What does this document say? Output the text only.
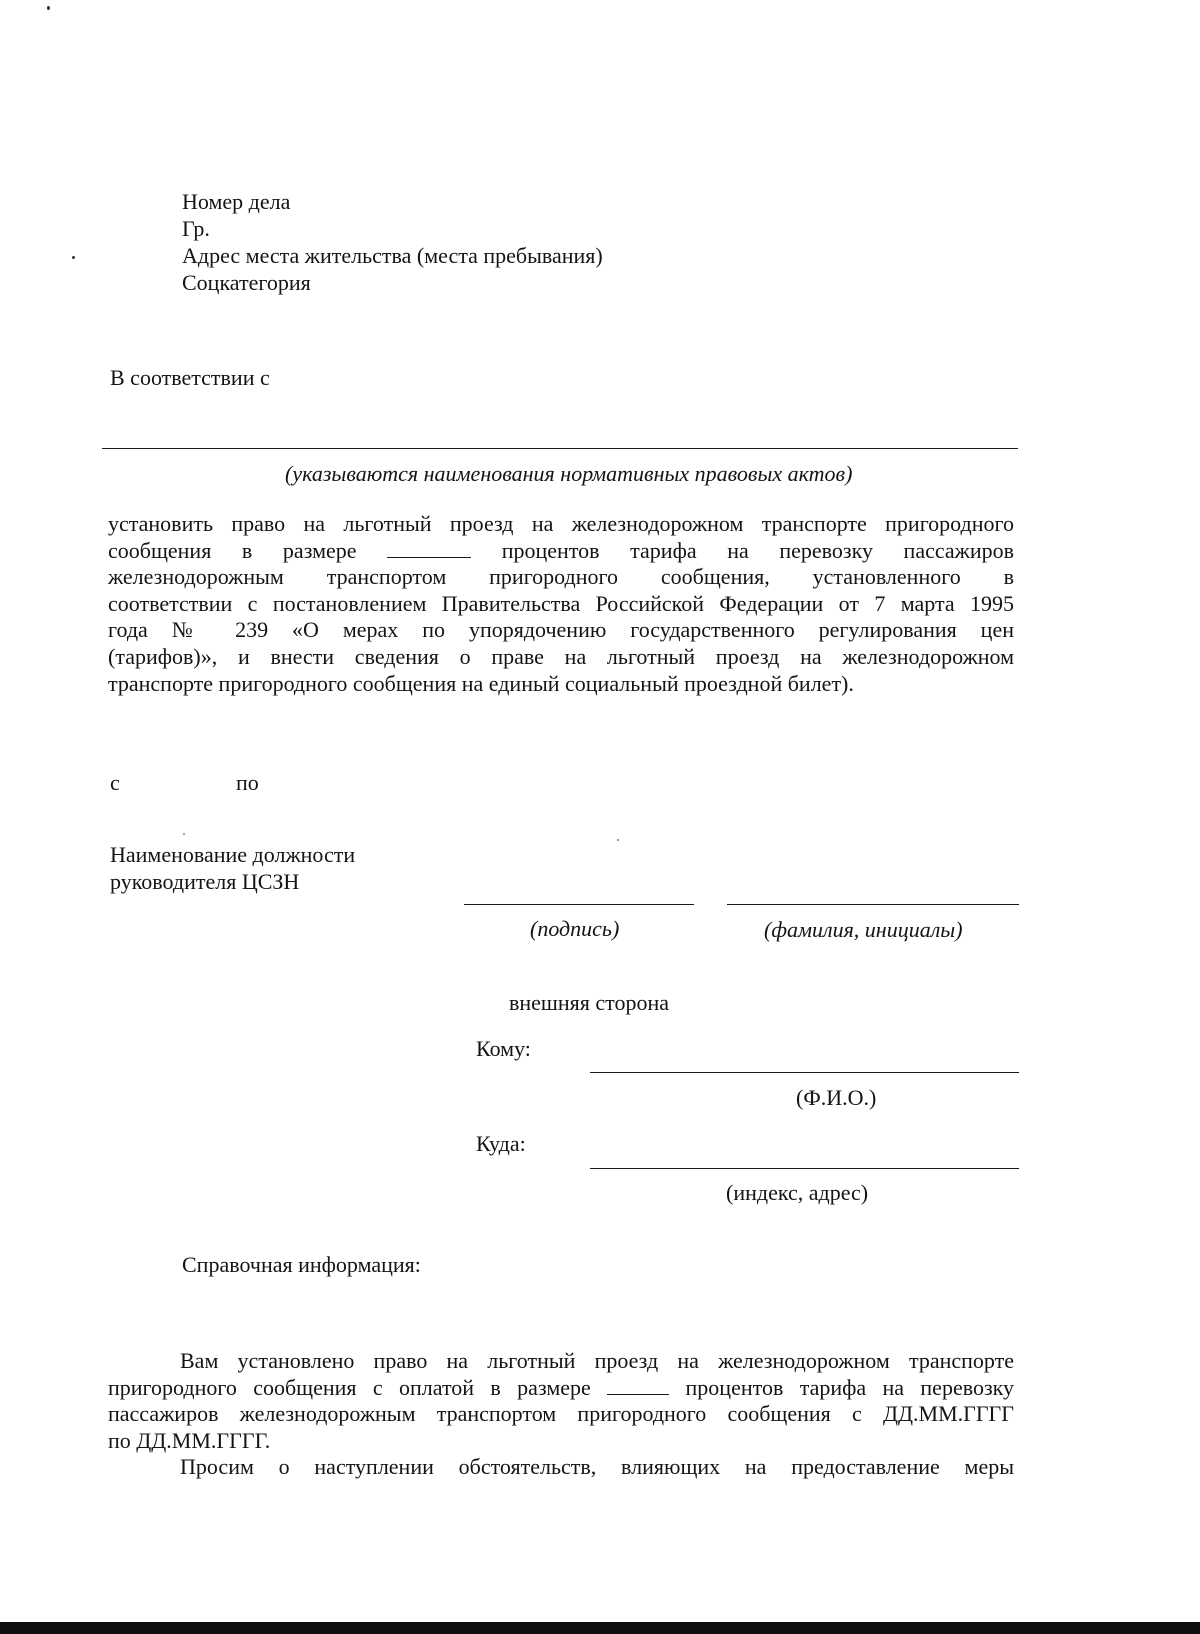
Номер дела
Гр.
Адрес места жительства (места пребывания)
Соцкатегория
В соответствии с
(указываются наименования нормативных правовых актов)
установить право на льготный проезд на железнодорожном транспорте пригородного
сообщения в размере	процентов тарифа на перевозку пассажиров
железнодорожным транспортом пригородного сообщения, установленного в
соответствии с постановлением Правительства Российской Федерации от 7 марта 1995
года № 239 «О мерах по упорядочению государственного регулирования цен
(тарифов)», и внести сведения о праве на льготный проезд на железнодорожном
транспорте пригородного сообщения на единый социальный проездной билет).
с	по
Наименование должности
руководителя ЦСЗН
(подпись)	(фамилия, инициалы)
внешняя сторона
Кому:
(Ф.И.О.)
Куда:
(индекс, адрес)
Справочная информация:
Вам установлено право на льготный проезд на железнодорожном транспорте
пригородного сообщения с оплатой в размере	процентов тарифа на перевозку
пассажиров железнодорожным транспортом пригородного сообщения с ДД.ММ.ГГГГ
по ДД.ММ.ГГГГ.
Просим о наступлении обстоятельств, влияющих на предоставление меры
